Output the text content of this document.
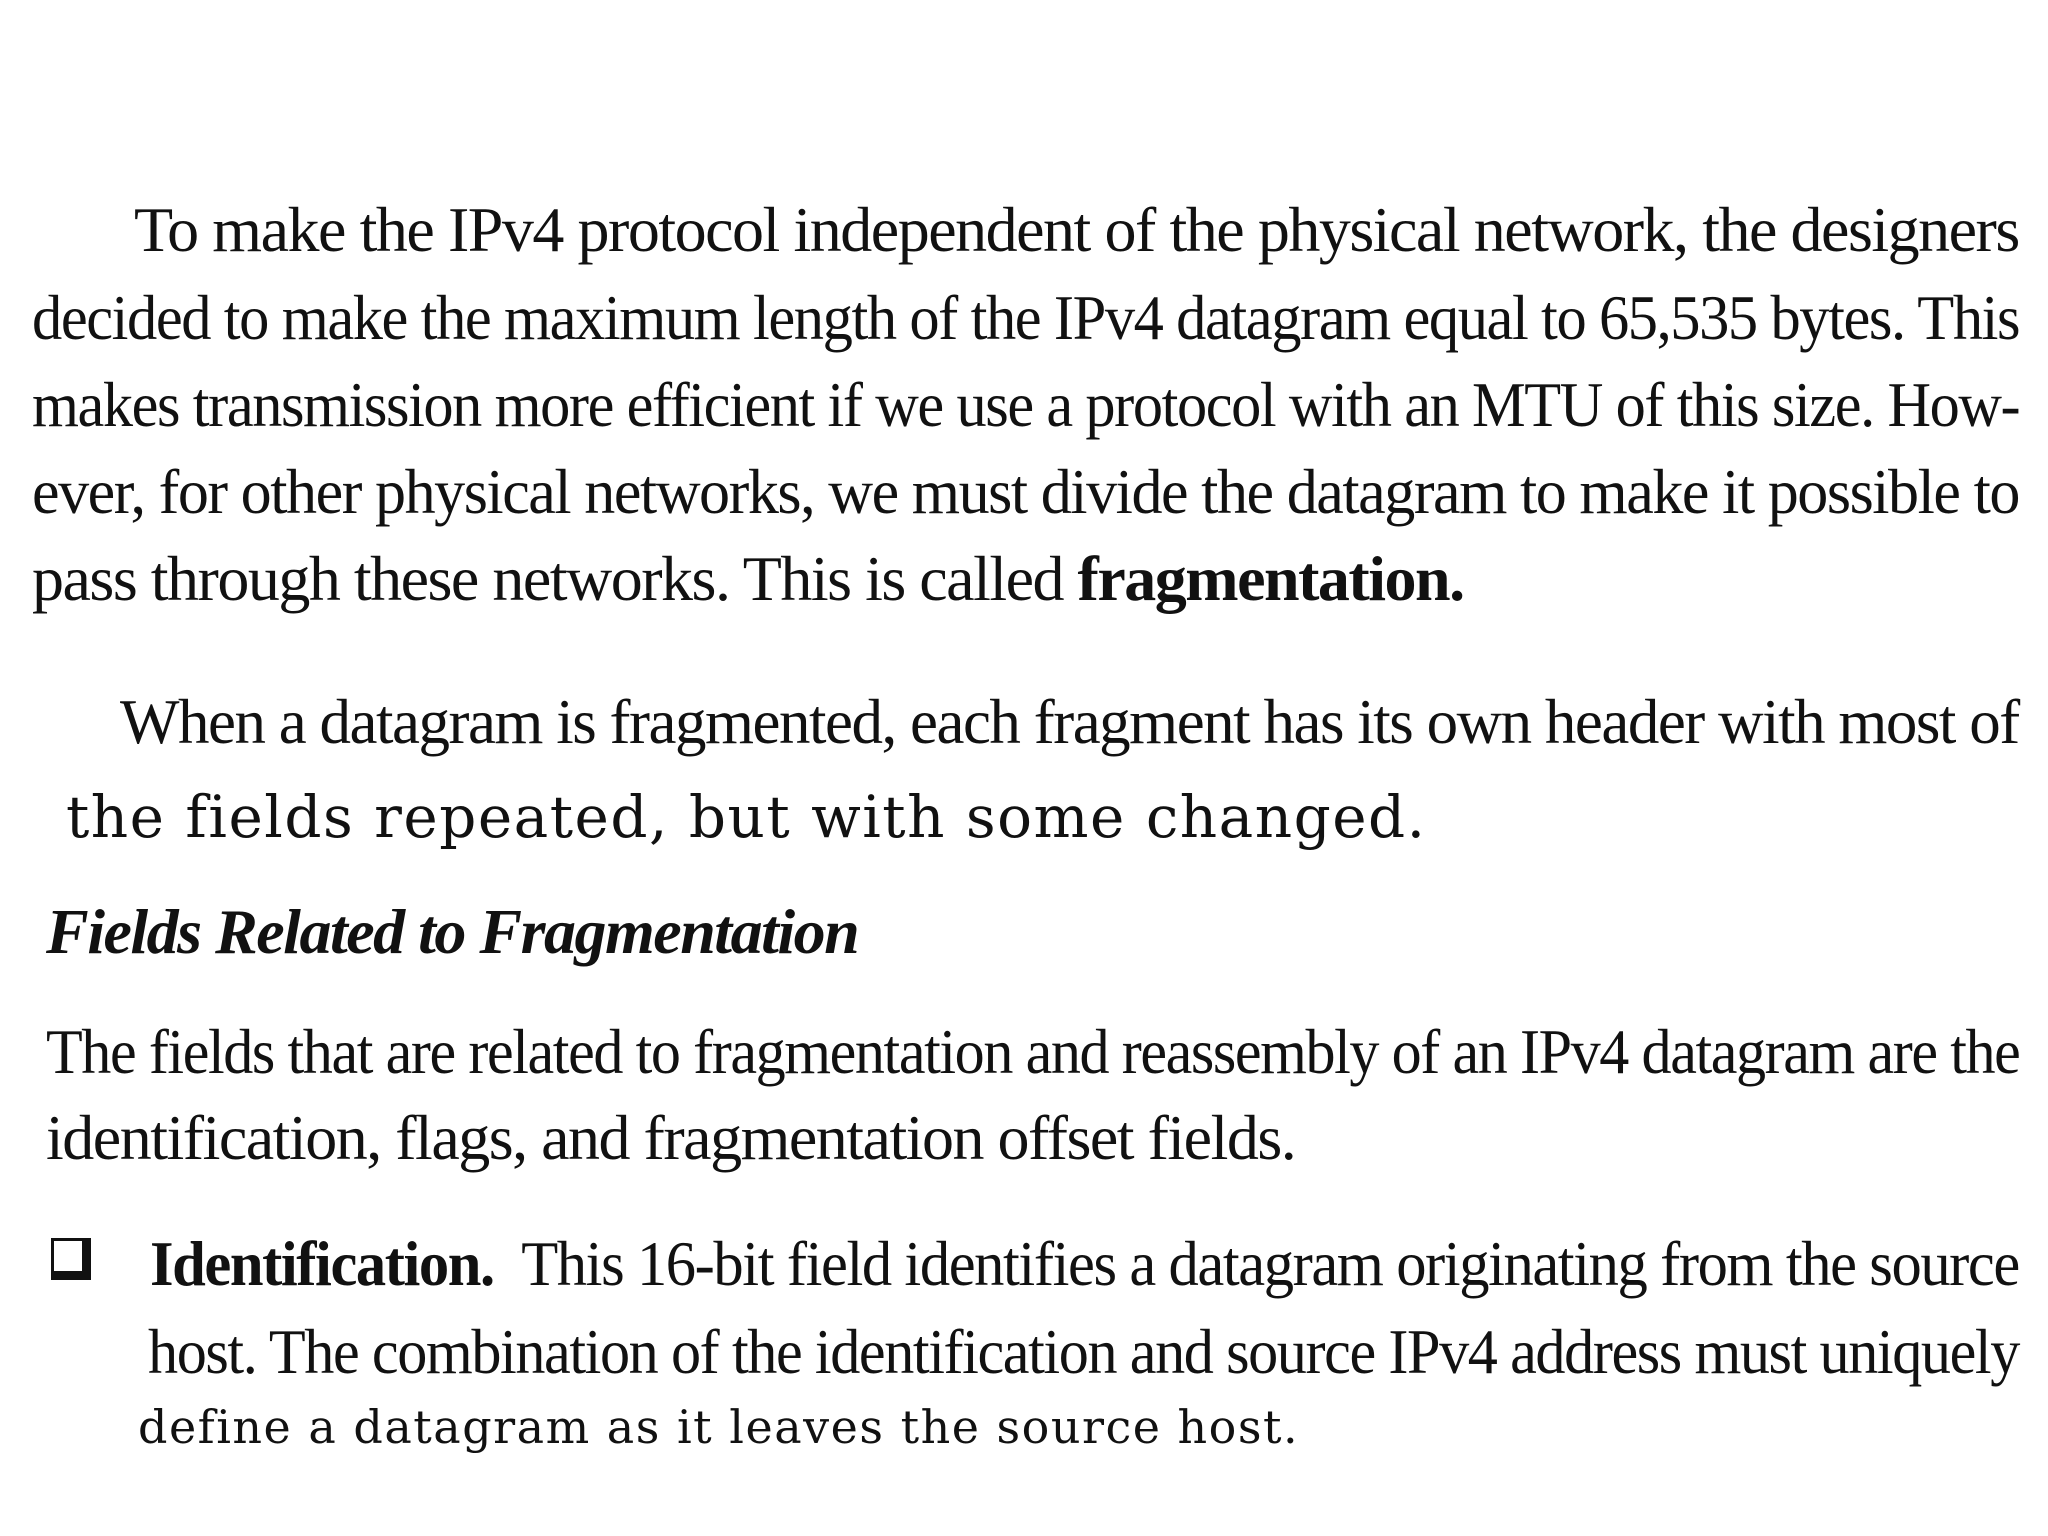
To make the IPv4 protocol independent of the physical network, the designers
decided to make the maximum length of the IPv4 datagram equal to 65,535 bytes. This
makes transmission more efficient if we use a protocol with an MTU of this size. How-
ever, for other physical networks, we must divide the datagram to make it possible to
pass through these networks. This is called fragmentation.
When a datagram is fragmented, each fragment has its own header with most of
the fields repeated, but with some changed.
Fields Related to Fragmentation
The fields that are related to fragmentation and reassembly of an IPv4 datagram are the
identification, flags, and fragmentation offset fields.
Identification. This 16-bit field identifies a datagram originating from the source
host. The combination of the identification and source IPv4 address must uniquely
define a datagram as it leaves the source host.
